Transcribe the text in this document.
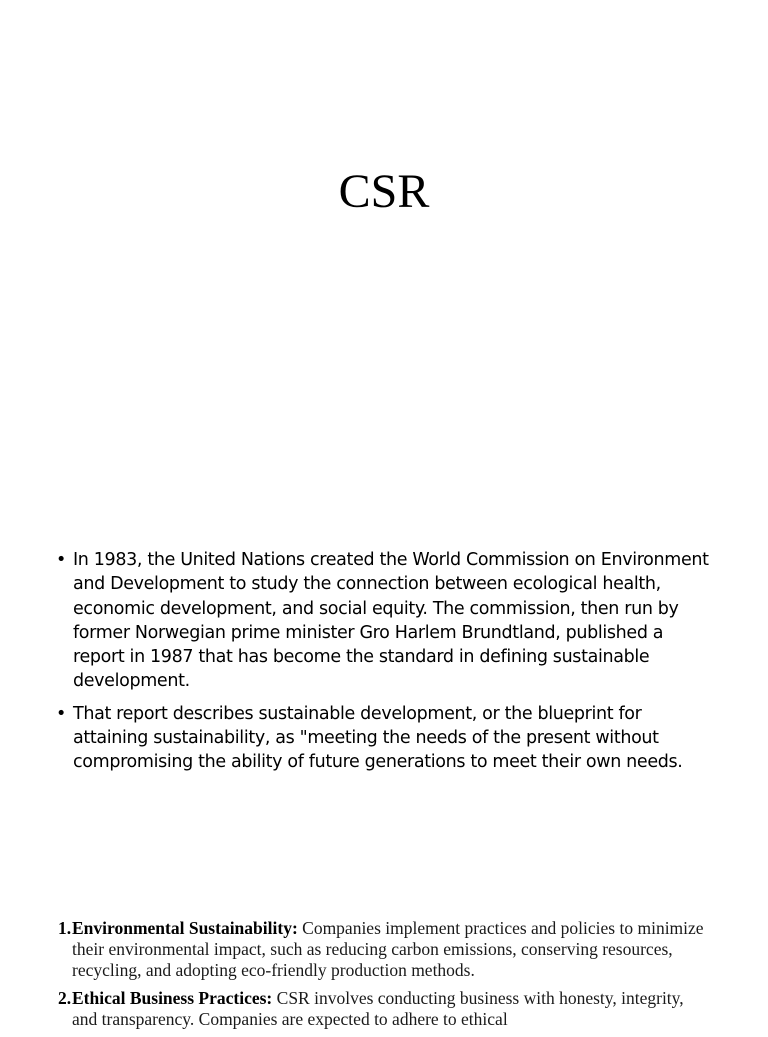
CSR
• In 1983, the United Nations created the World Commission on Environment and Development to study the connection between ecological health, economic development, and social equity. The commission, then run by former Norwegian prime minister Gro Harlem Brundtland, published a report in 1987 that has become the standard in defining sustainable development.
• That report describes sustainable development, or the blueprint for attaining sustainability, as "meeting the needs of the present without compromising the ability of future generations to meet their own needs.
1. Environmental Sustainability: Companies implement practices and policies to minimize their environmental impact, such as reducing carbon emissions, conserving resources, recycling, and adopting eco-friendly production methods.
2. Ethical Business Practices: CSR involves conducting business with honesty, integrity, and transparency. Companies are expected to adhere to ethical
